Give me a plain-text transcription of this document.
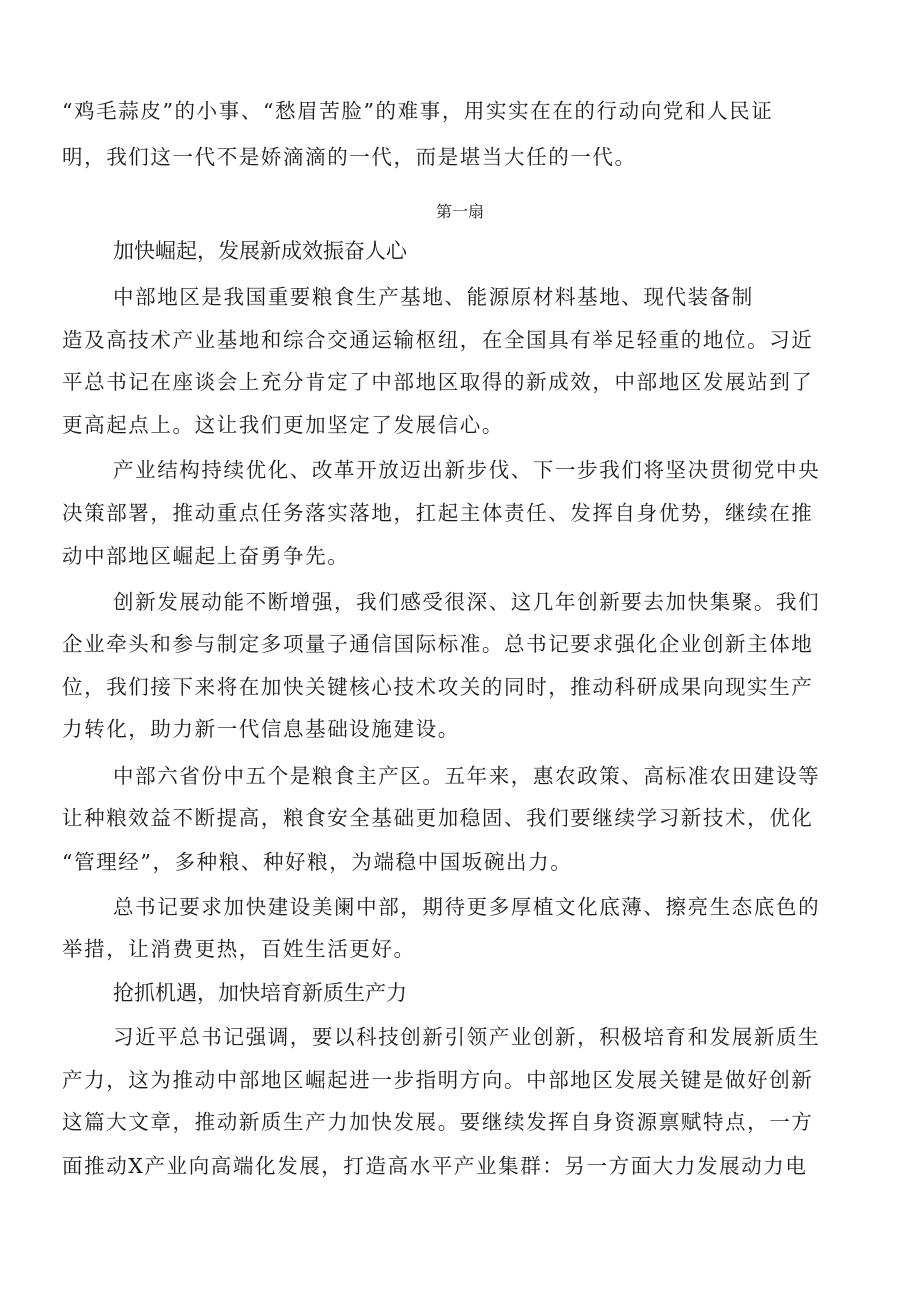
“鸡毛蒜皮”的小事、“愁眉苦脸”的难事，用实实在在的行动向党和人民证
明，我们这一代不是娇滴滴的一代，而是堪当大任的一代。
第一扇
加快崛起，发展新成效振奋人心
中部地区是我国重要粮食生产基地、能源原材料基地、现代装备制
造及高技术产业基地和综合交通运输枢纽，在全国具有举足轻重的地位。习近
平总书记在座谈会上充分肯定了中部地区取得的新成效，中部地区发展站到了
更高起点上。这让我们更加坚定了发展信心。
产业结构持续优化、改革开放迈出新步伐、下一步我们将坚决贯彻党中央
决策部署，推动重点任务落实落地，扛起主体责任、发挥自身优势，继续在推
动中部地区崛起上奋勇争先。
创新发展动能不断增强，我们感受很深、这几年创新要去加快集聚。我们
企业牵头和参与制定多项量子通信国际标准。总书记要求强化企业创新主体地
位，我们接下来将在加快关键核心技术攻关的同时，推动科研成果向现实生产
力转化，助力新一代信息基础设施建设。
中部六省份中五个是粮食主产区。五年来，惠农政策、高标准农田建设等
让种粮效益不断提高，粮食安全基础更加稳固、我们要继续学习新技术，优化
“管理经”，多种粮、种好粮，为端稳中国坂碗出力。
总书记要求加快建设美阑中部，期待更多厚植文化底薄、擦亮生态底色的
举措，让消费更热，百姓生活更好。
抢抓机遇，加快培育新质生产力
习近平总书记强调，要以科技创新引领产业创新，积极培育和发展新质生
产力，这为推动中部地区崛起进一步指明方向。中部地区发展关键是做好创新
这篇大文章，推动新质生产力加快发展。要继续发挥自身资源禀赋特点，一方
面推动X产业向高端化发展，打造高水平产业集群：另一方面大力发展动力电
